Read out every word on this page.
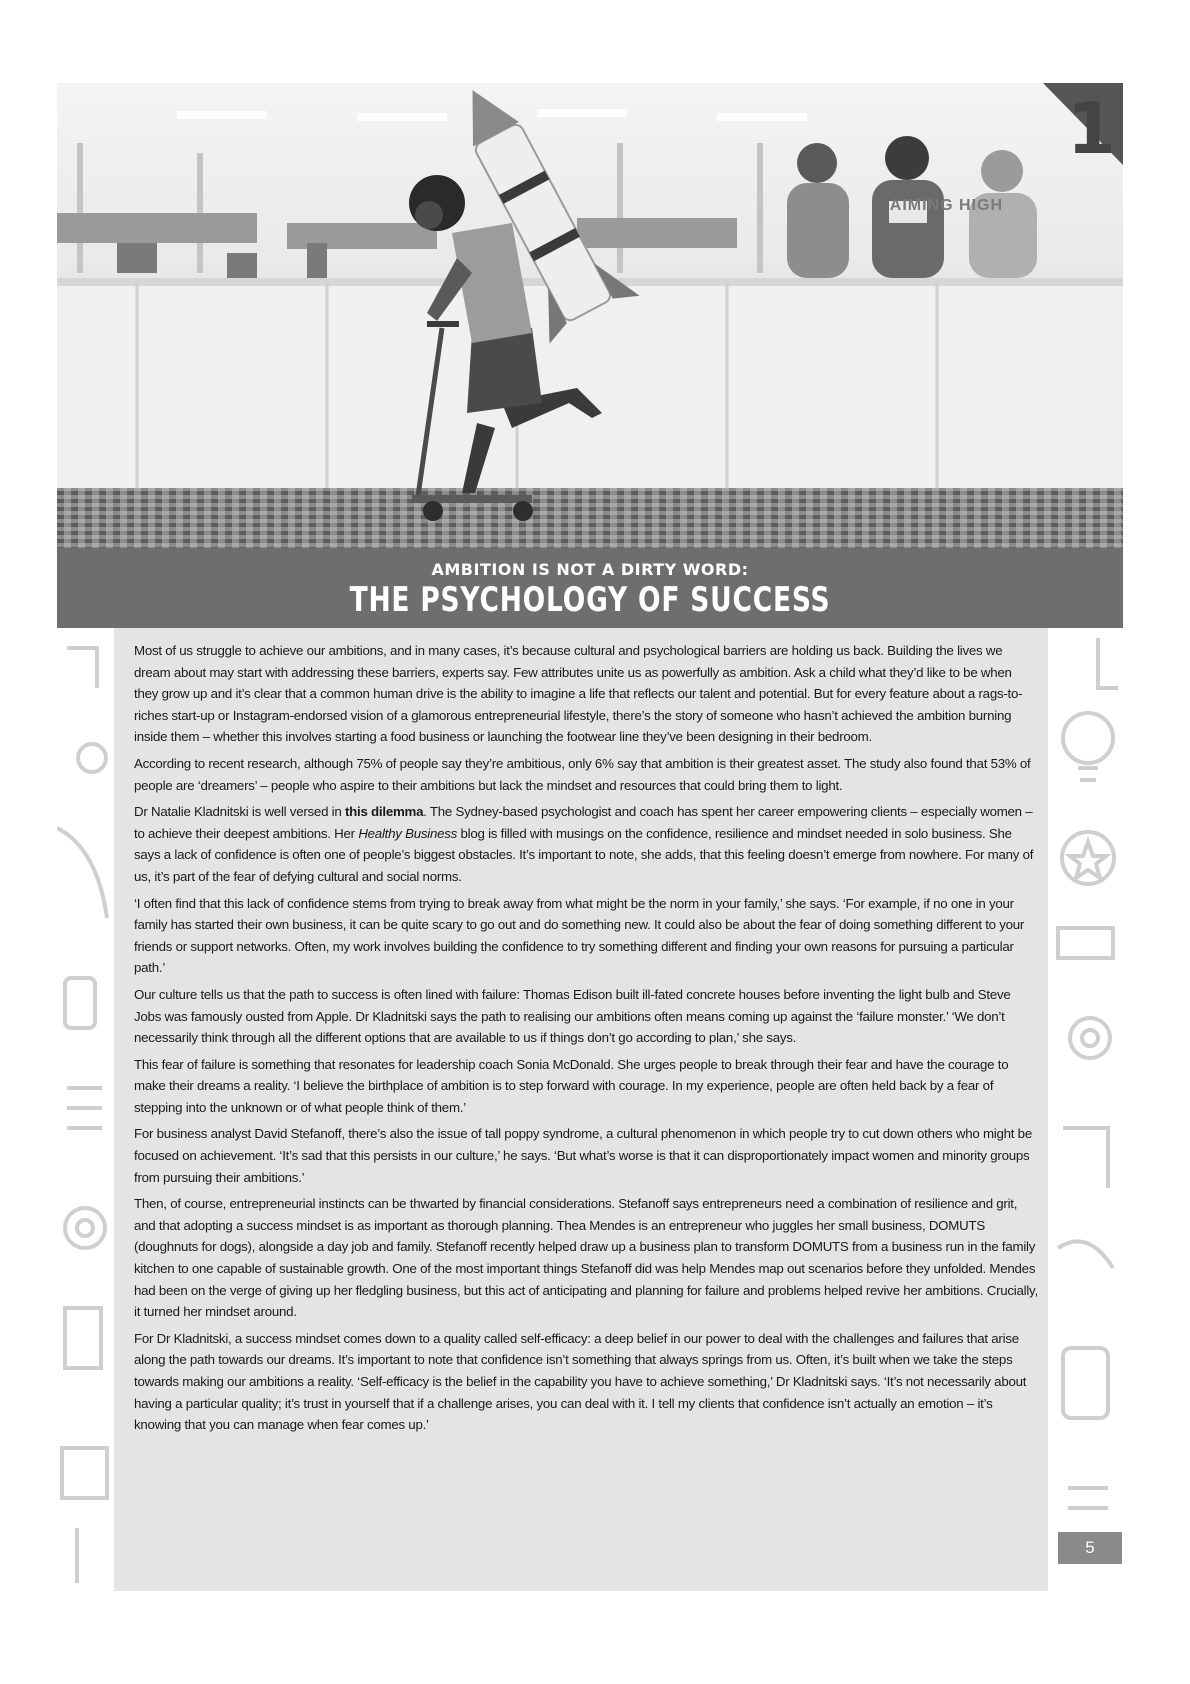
AIMING HIGH
1
AMBITION IS NOT A DIRTY WORD:
THE PSYCHOLOGY OF SUCCESS

Most of us struggle to achieve our ambitions, and in many cases, it’s because cultural and psychological barriers are holding us back. Building the lives we dream about may start with addressing these barriers, experts say. Few attributes unite us as powerfully as ambition. Ask a child what they’d like to be when they grow up and it’s clear that a common human drive is the ability to imagine a life that reflects our talent and potential. But for every feature about a rags-to-riches start-up or Instagram-endorsed vision of a glamorous entrepreneurial lifestyle, there’s the story of someone who hasn’t achieved the ambition burning inside them – whether this involves starting a food business or launching the footwear line they’ve been designing in their bedroom.

According to recent research, although 75% of people say they’re ambitious, only 6% say that ambition is their greatest asset. The study also found that 53% of people are ‘dreamers’ – people who aspire to their ambitions but lack the mindset and resources that could bring them to light.

Dr Natalie Kladnitski is well versed in this dilemma. The Sydney-based psychologist and coach has spent her career empowering clients – especially women – to achieve their deepest ambitions. Her Healthy Business blog is filled with musings on the confidence, resilience and mindset needed in solo business. She says a lack of confidence is often one of people’s biggest obstacles. It’s important to note, she adds, that this feeling doesn’t emerge from nowhere. For many of us, it’s part of the fear of defying cultural and social norms.

‘I often find that this lack of confidence stems from trying to break away from what might be the norm in your family,’ she says. ‘For example, if no one in your family has started their own business, it can be quite scary to go out and do something new. It could also be about the fear of doing something different to your friends or support networks. Often, my work involves building the confidence to try something different and finding your own reasons for pursuing a particular path.’

Our culture tells us that the path to success is often lined with failure: Thomas Edison built ill-fated concrete houses before inventing the light bulb and Steve Jobs was famously ousted from Apple. Dr Kladnitski says the path to realising our ambitions often means coming up against the ‘failure monster.’ ‘We don’t necessarily think through all the different options that are available to us if things don’t go according to plan,’ she says.

This fear of failure is something that resonates for leadership coach Sonia McDonald. She urges people to break through their fear and have the courage to make their dreams a reality. ‘I believe the birthplace of ambition is to step forward with courage. In my experience, people are often held back by a fear of stepping into the unknown or of what people think of them.’

For business analyst David Stefanoff, there’s also the issue of tall poppy syndrome, a cultural phenomenon in which people try to cut down others who might be focused on achievement. ‘It’s sad that this persists in our culture,’ he says. ‘But what’s worse is that it can disproportionately impact women and minority groups from pursuing their ambitions.’

Then, of course, entrepreneurial instincts can be thwarted by financial considerations. Stefanoff says entrepreneurs need a combination of resilience and grit, and that adopting a success mindset is as important as thorough planning. Thea Mendes is an entrepreneur who juggles her small business, DOMUTS (doughnuts for dogs), alongside a day job and family. Stefanoff recently helped draw up a business plan to transform DOMUTS from a business run in the family kitchen to one capable of sustainable growth. One of the most important things Stefanoff did was help Mendes map out scenarios before they unfolded. Mendes had been on the verge of giving up her fledgling business, but this act of anticipating and planning for failure and problems helped revive her ambitions. Crucially, it turned her mindset around.

For Dr Kladnitski, a success mindset comes down to a quality called self-efficacy: a deep belief in our power to deal with the challenges and failures that arise along the path towards our dreams. It’s important to note that confidence isn’t something that always springs from us. Often, it’s built when we take the steps towards making our ambitions a reality. ‘Self-efficacy is the belief in the capability you have to achieve something,’ Dr Kladnitski says. ‘It’s not necessarily about having a particular quality; it’s trust in yourself that if a challenge arises, you can deal with it. I tell my clients that confidence isn’t actually an emotion – it’s knowing that you can manage when fear comes up.’

5
